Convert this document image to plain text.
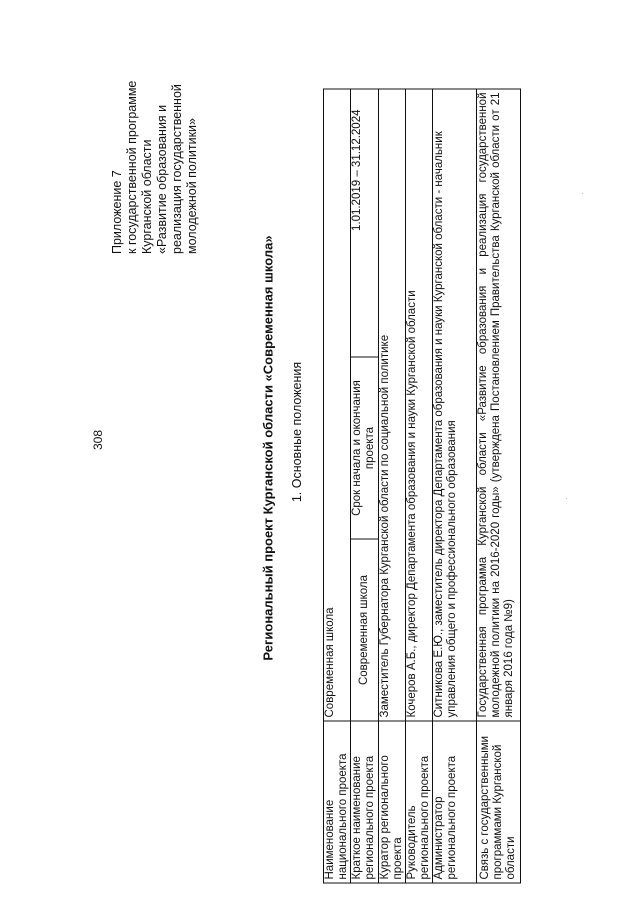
308
Приложение 7 к государственной программе Курганской области «Развитие образования и реализация государственной молодежной политики»
Региональный проект Курганской области «Современная школа» 1. Основные положения
Наименование национального проекта	Современная школа		
Краткое наименование регионального проекта	Современная школа	Срок начала и окончания проекта	1.01.2019 – 31.12.2024
Куратор регионального проекта	Заместитель Губернатора Курганской области по социальной политике		
Руководитель регионального проекта	Кочеров А.Б., директор Департамента образования и науки Курганской области		
Администратор регионального проекта	Ситникова Е.Ю., заместитель директора Департамента образования и науки Курганской области - начальник управления общего и профессионального образования		
Связь с государственными программами Курганской области	Государственная программа Курганской области «Развитие образования и реализация государственной молодежной политики на 2016-2020 годы» (утверждена Постановлением Правительства Курганской области от 21 января 2016 года №9)		
